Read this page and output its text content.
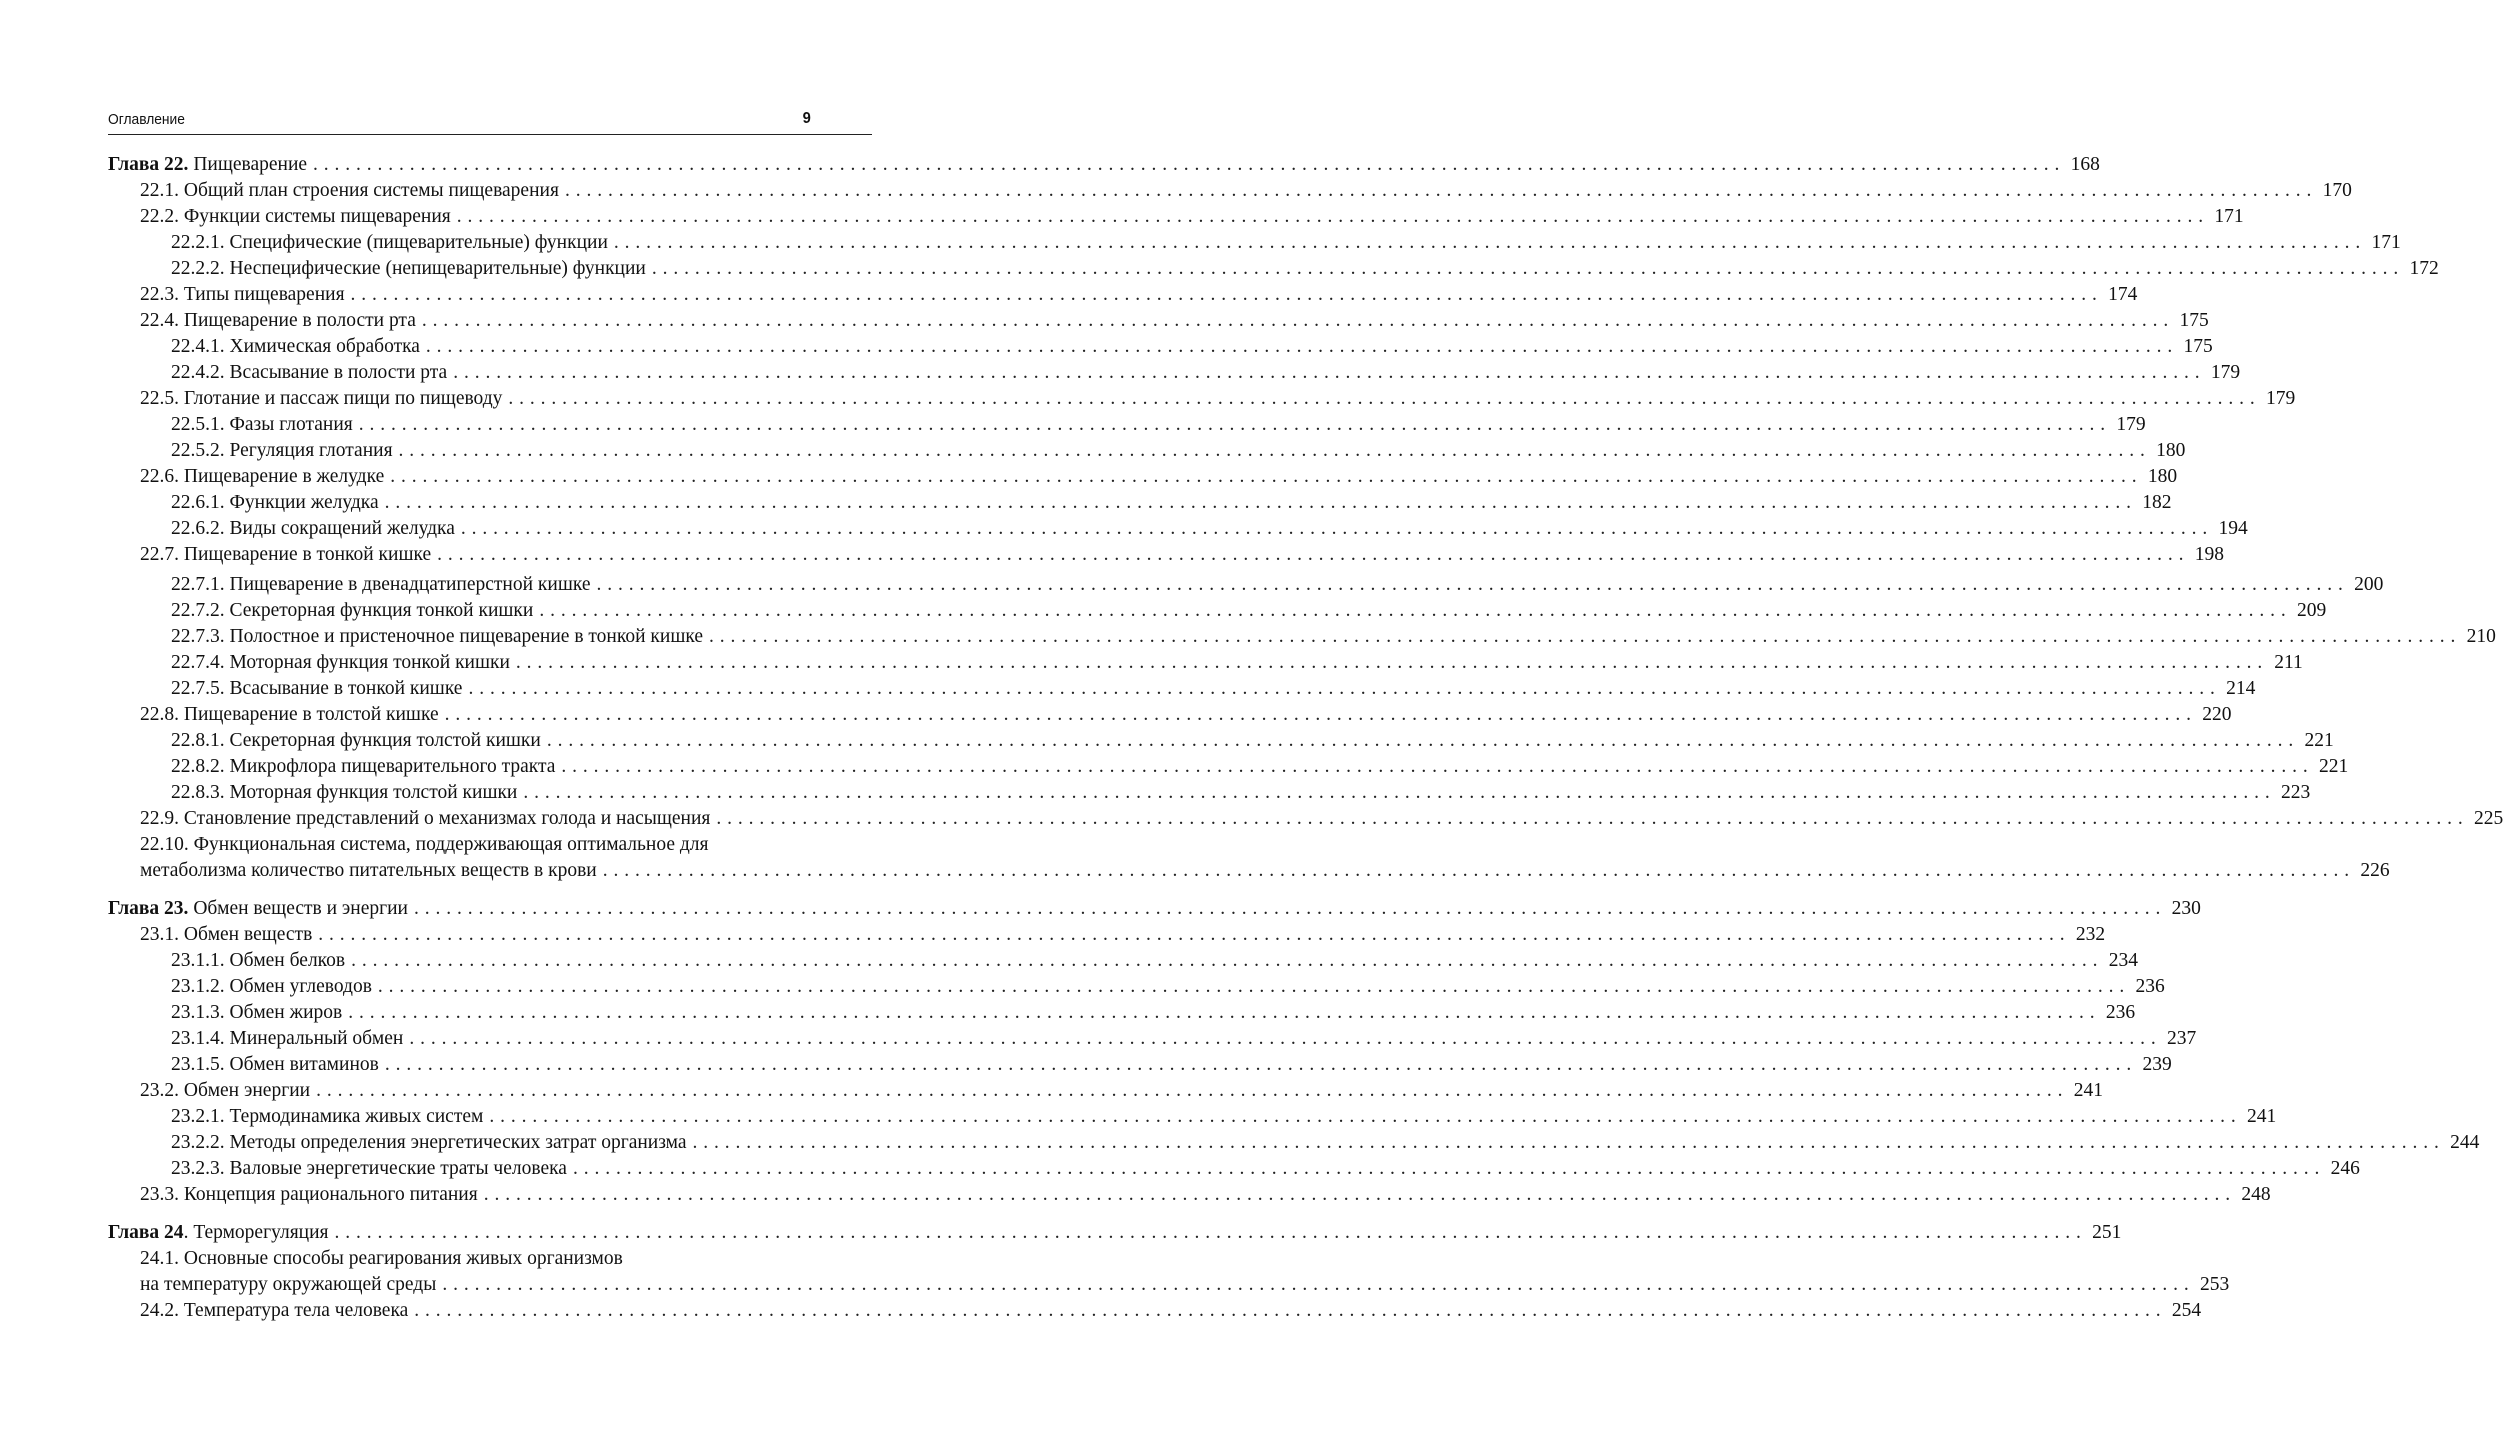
Оглавление	9
Глава 22. Пищеварение . . .	168
22.1. Общий план строения системы пищеварения . . .	170
22.2. Функции системы пищеварения . . .	171
22.2.1. Специфические (пищеварительные) функции . . .	171
22.2.2. Неспецифические (непищеварительные) функции . . .	172
22.3. Типы пищеварения . . .	174
22.4. Пищеварение в полости рта . . .	175
22.4.1. Химическая обработка . . .	175
22.4.2. Всасывание в полости рта . . .	179
22.5. Глотание и пассаж пищи по пищеводу . . .	179
22.5.1. Фазы глотания . . .	179
22.5.2. Регуляция глотания . . .	180
22.6. Пищеварение в желудке . . .	180
22.6.1. Функции желудка . . .	182
22.6.2. Виды сокращений желудка . . .	194
22.7. Пищеварение в тонкой кишке . . .	198
22.7.1. Пищеварение в двенадцатиперстной кишке . . .	200
22.7.2. Секреторная функция тонкой кишки . . .	209
22.7.3. Полостное и пристеночное пищеварение в тонкой кишке . . .	210
22.7.4. Моторная функция тонкой кишки . . .	211
22.7.5. Всасывание в тонкой кишке . . .	214
22.8. Пищеварение в толстой кишке . . .	220
22.8.1. Секреторная функция толстой кишки . . .	221
22.8.2. Микрофлора пищеварительного тракта . . .	221
22.8.3. Моторная функция толстой кишки . . .	223
22.9. Становление представлений о механизмах голода и насыщения . . .	225
22.10. Функциональная система, поддерживающая оптимальное для
метаболизма количество питательных веществ в крови . . .	226
Глава 23. Обмен веществ и энергии . . .	230
23.1. Обмен веществ . . .	232
23.1.1. Обмен белков . . .	234
23.1.2. Обмен углеводов . . .	236
23.1.3. Обмен жиров . . .	236
23.1.4. Минеральный обмен . . .	237
23.1.5. Обмен витаминов . . .	239
23.2. Обмен энергии . . .	241
23.2.1. Термодинамика живых систем . . .	241
23.2.2. Методы определения энергетических затрат организма . . .	244
23.2.3. Валовые энергетические траты человека . . .	246
23.3. Концепция рационального питания . . .	248
Глава 24. Терморегуляция . . .	251
24.1. Основные способы реагирования живых организмов
на температуру окружающей среды . . .	253
24.2. Температура тела человека . . .	254
